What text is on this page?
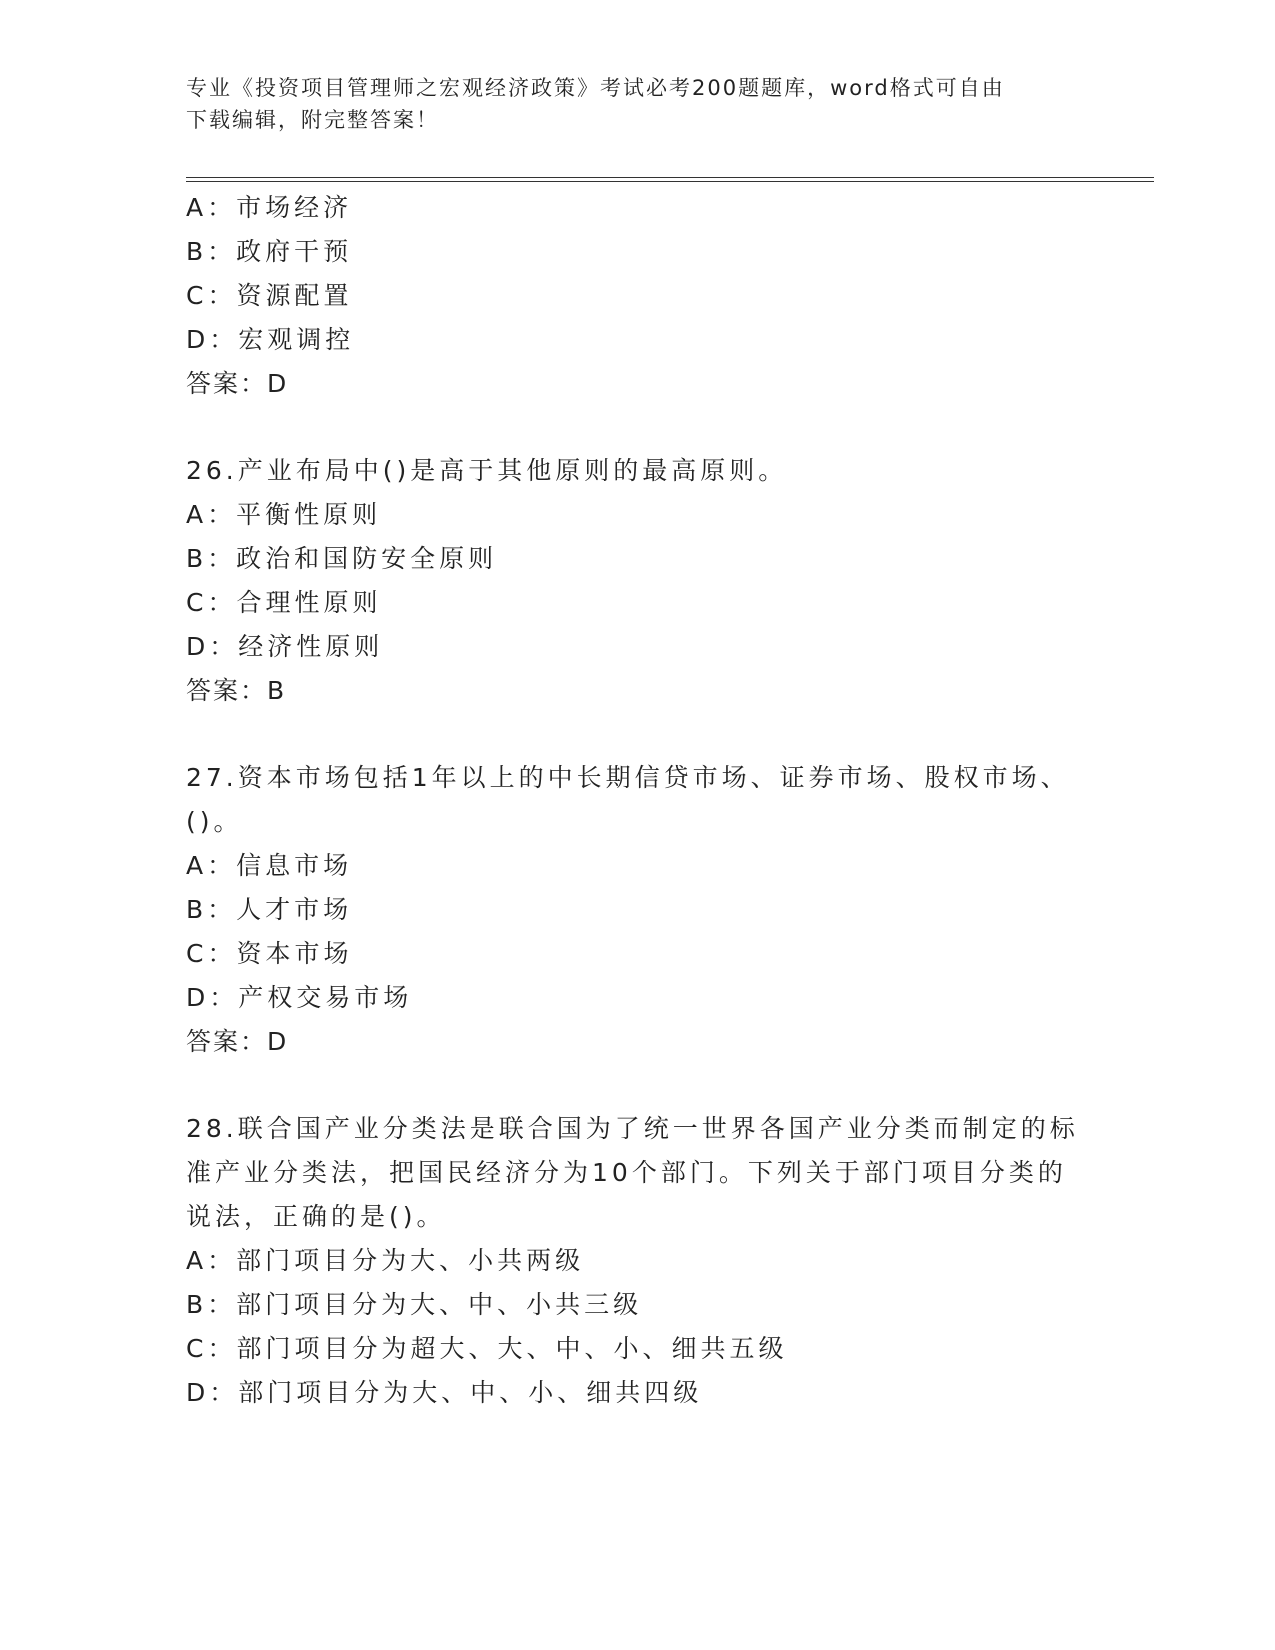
专业《投资项目管理师之宏观经济政策》考试必考200题题库，word格式可自由
下载编辑，附完整答案！
A：市场经济
B：政府干预
C：资源配置
D：宏观调控
答案：D
26.产业布局中()是高于其他原则的最高原则。
A：平衡性原则
B：政治和国防安全原则
C：合理性原则
D：经济性原则
答案：B
27.资本市场包括1年以上的中长期信贷市场、证券市场、股权市场、
()。
A：信息市场
B：人才市场
C：资本市场
D：产权交易市场
答案：D
28.联合国产业分类法是联合国为了统一世界各国产业分类而制定的标
准产业分类法，把国民经济分为10个部门。下列关于部门项目分类的
说法，正确的是()。
A：部门项目分为大、小共两级
B：部门项目分为大、中、小共三级
C：部门项目分为超大、大、中、小、细共五级
D：部门项目分为大、中、小、细共四级
